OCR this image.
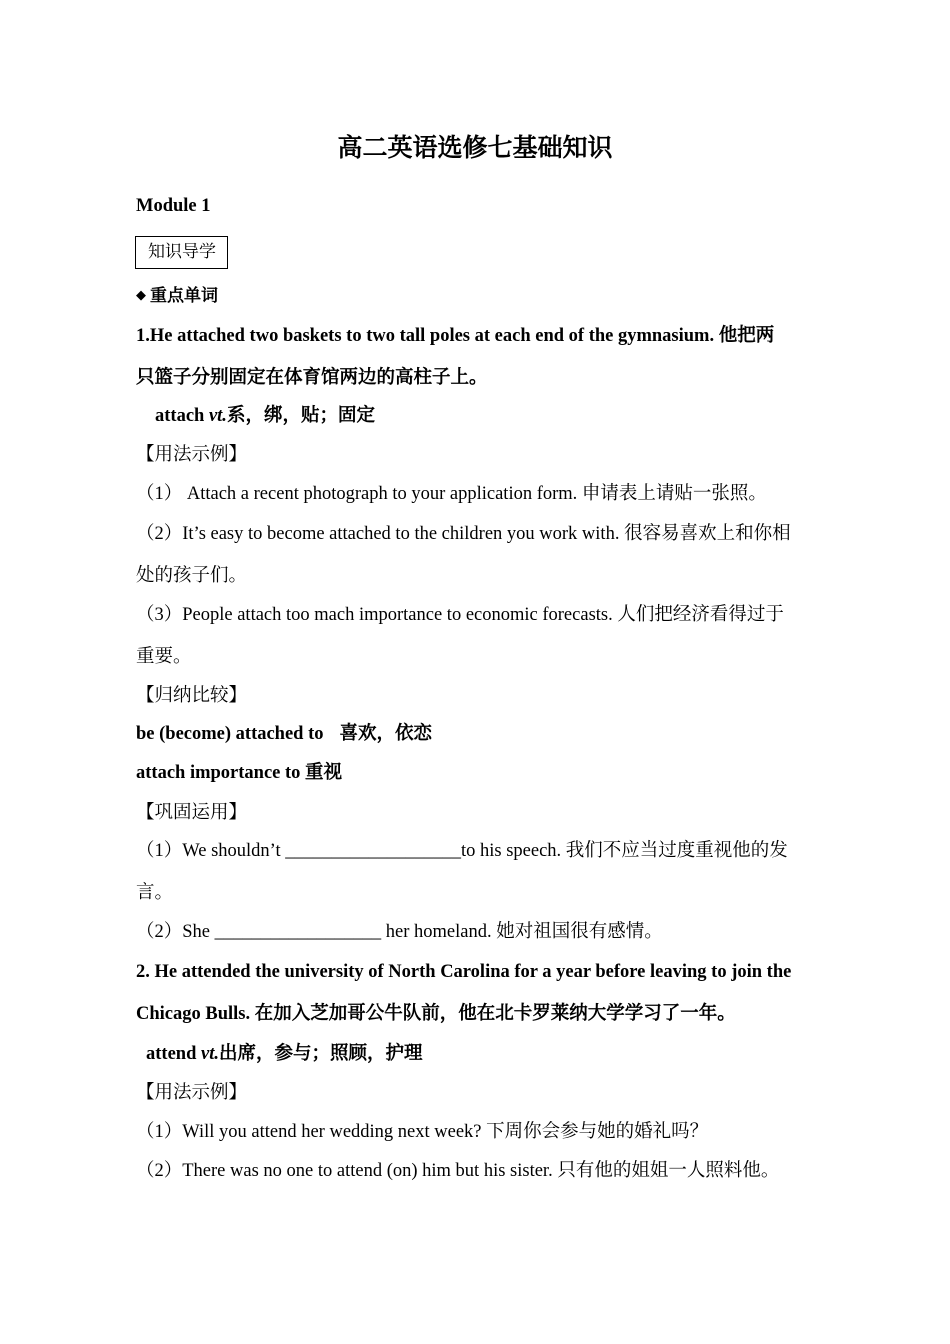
高二英语选修七基础知识
Module 1
知识导学
◆ 重点单词
1.He attached two baskets to two tall poles at each end of the gymnasium. 他把两
只篮子分别固定在体育馆两边的高柱子上。
attach vt.系，绑，贴；固定
【用法示例】
（1） Attach a recent photograph to your application form. 申请表上请贴一张照。
（2）It’s easy to become attached to the children you work with. 很容易喜欢上和你相
处的孩子们。
（3）People attach too mach importance to economic forecasts. 人们把经济看得过于
重要。
【归纳比较】
be (become) attached to 喜欢，依恋
attach importance to 重视
【巩固运用】
（1）We shouldn’t ___________________to his speech. 我们不应当过度重视他的发
言。
（2）She __________________ her homeland. 她对祖国很有感情。
2. He attended the university of North Carolina for a year before leaving to join the
Chicago Bulls. 在加入芝加哥公牛队前，他在北卡罗莱纳大学学习了一年。
attend vt.出席，参与；照顾，护理
【用法示例】
（1）Will you attend her wedding next week? 下周你会参与她的婚礼吗？
（2）There was no one to attend (on) him but his sister. 只有他的姐姐一人照料他。
